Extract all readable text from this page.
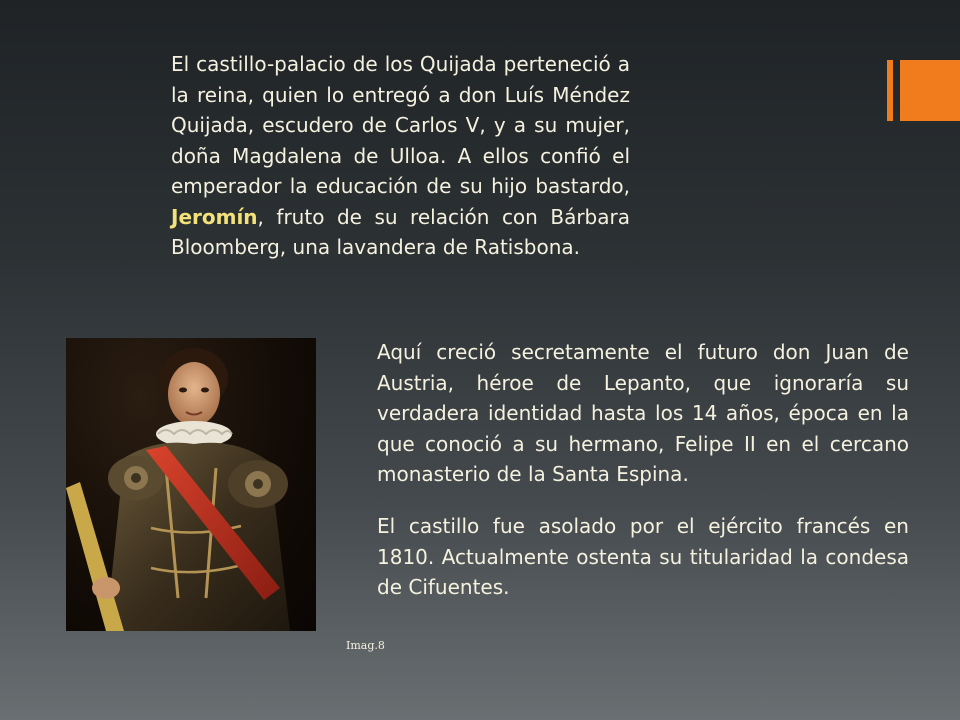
El castillo-palacio de los Quijada perteneció a la reina, quien lo entregó a don Luís Méndez Quijada, escudero de Carlos V, y a su mujer, doña Magdalena de Ulloa. A ellos confió el emperador la educación de su hijo bastardo, Jeromín, fruto de su relación con Bárbara Bloomberg, una lavandera de Ratisbona.

Aquí creció secretamente el futuro don Juan de Austria, héroe de Lepanto, que ignoraría su verdadera identidad hasta los 14 años, época en la que conoció a su hermano, Felipe II en el cercano monasterio de la Santa Espina.

El castillo fue asolado por el ejército francés en 1810. Actualmente ostenta su titularidad la condesa de Cifuentes.

Imag.8
